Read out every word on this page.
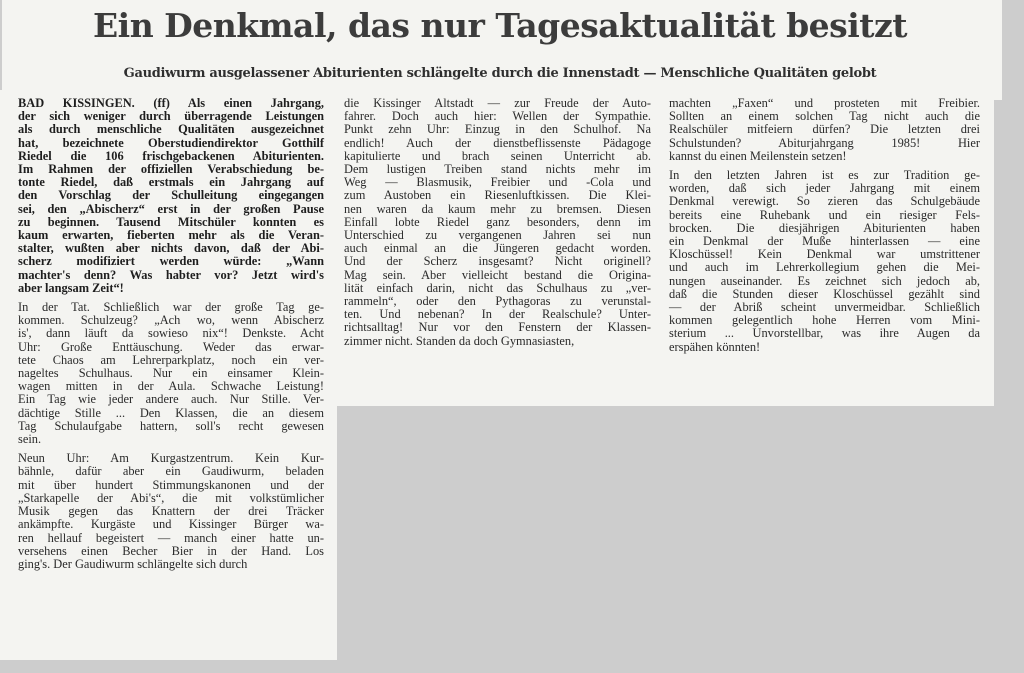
Ein Denkmal, das nur Tagesaktualität besitzt
Gaudiwurm ausgelassener Abiturienten schlängelte durch die Innenstadt — Menschliche Qualitäten gelobt

BAD KISSINGEN. (ff) Als einen Jahrgang,
der sich weniger durch überragende Leistungen
als durch menschliche Qualitäten ausgezeichnet
hat, bezeichnete Oberstudiendirektor Gotthilf
Riedel die 106 frischgebackenen Abiturienten.
Im Rahmen der offiziellen Verabschiedung be-
tonte Riedel, daß erstmals ein Jahrgang auf
den Vorschlag der Schulleitung eingegangen
sei, den „Abischerz“ erst in der großen Pause
zu beginnen. Tausend Mitschüler konnten es
kaum erwarten, fieberten mehr als die Veran-
stalter, wußten aber nichts davon, daß der Abi-
scherz modifiziert werden würde: „Wann
machter's denn? Was habter vor? Jetzt wird's
aber langsam Zeit“!

In der Tat. Schließlich war der große Tag ge-
kommen. Schulzeug? „Ach wo, wenn Abischerz
is', dann läuft da sowieso nix“! Denkste. Acht
Uhr: Große Enttäuschung. Weder das erwar-
tete Chaos am Lehrerparkplatz, noch ein ver-
nageltes Schulhaus. Nur ein einsamer Klein-
wagen mitten in der Aula. Schwache Leistung!
Ein Tag wie jeder andere auch. Nur Stille. Ver-
dächtige Stille ... Den Klassen, die an diesem
Tag Schulaufgabe hattern, soll's recht gewesen
sein.

Neun Uhr: Am Kurgastzentrum. Kein Kur-
bähnle, dafür aber ein Gaudiwurm, beladen
mit über hundert Stimmungskanonen und der
„Starkapelle der Abi's“, die mit volkstümlicher
Musik gegen das Knattern der drei Träcker
ankämpfte. Kurgäste und Kissinger Bürger wa-
ren hellauf begeistert — manch einer hatte un-
versehens einen Becher Bier in der Hand. Los
ging's. Der Gaudiwurm schlängelte sich durch

die Kissinger Altstadt — zur Freude der Auto-
fahrer. Doch auch hier: Wellen der Sympathie.
Punkt zehn Uhr: Einzug in den Schulhof. Na
endlich! Auch der dienstbeflissenste Pädagoge
kapitulierte und brach seinen Unterricht ab.
Dem lustigen Treiben stand nichts mehr im
Weg — Blasmusik, Freibier und -Cola und
zum Austoben ein Riesenluftkissen. Die Klei-
nen waren da kaum mehr zu bremsen. Diesen
Einfall lobte Riedel ganz besonders, denn im
Unterschied zu vergangenen Jahren sei nun
auch einmal an die Jüngeren gedacht worden.
Und der Scherz insgesamt? Nicht originell?
Mag sein. Aber vielleicht bestand die Origina-
lität einfach darin, nicht das Schulhaus zu „ver-
rammeln“, oder den Pythagoras zu verunstal-
ten. Und nebenan? In der Realschule? Unter-
richtsalltag! Nur vor den Fenstern der Klassen-
zimmer nicht. Standen da doch Gymnasiasten,

machten „Faxen“ und prosteten mit Freibier.
Sollten an einem solchen Tag nicht auch die
Realschüler mitfeiern dürfen? Die letzten drei
Schulstunden? Abiturjahrgang 1985! Hier
kannst du einen Meilenstein setzen!

In den letzten Jahren ist es zur Tradition ge-
worden, daß sich jeder Jahrgang mit einem
Denkmal verewigt. So zieren das Schulgebäude
bereits eine Ruhebank und ein riesiger Fels-
brocken. Die diesjährigen Abiturienten haben
ein Denkmal der Muße hinterlassen — eine
Kloschüssel! Kein Denkmal war umstrittener
und auch im Lehrerkollegium gehen die Mei-
nungen auseinander. Es zeichnet sich jedoch ab,
daß die Stunden dieser Kloschüssel gezählt sind
— der Abriß scheint unvermeidbar. Schließlich
kommen gelegentlich hohe Herren vom Mini-
sterium ... Unvorstellbar, was ihre Augen da
erspähen könnten!
